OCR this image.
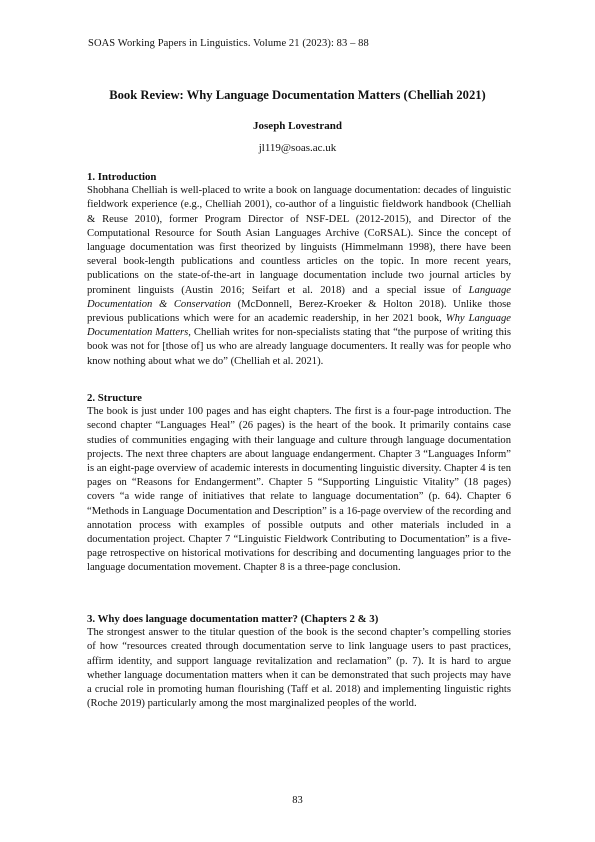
SOAS Working Papers in Linguistics. Volume 21 (2023): 83 – 88
Book Review: Why Language Documentation Matters (Chelliah 2021)
Joseph Lovestrand
jl119@soas.ac.uk
1. Introduction

Shobhana Chelliah is well-placed to write a book on language documentation: decades of linguistic fieldwork experience (e.g., Chelliah 2001), co-author of a linguistic fieldwork handbook (Chelliah & Reuse 2010), former Program Director of NSF-DEL (2012-2015), and Director of the Computational Resource for South Asian Languages Archive (CoRSAL). Since the concept of language documentation was first theorized by linguists (Himmelmann 1998), there have been several book-length publications and countless articles on the topic. In more recent years, publications on the state-of-the-art in language documentation include two journal articles by prominent linguists (Austin 2016; Seifart et al. 2018) and a special issue of Language Documentation & Conservation (McDonnell, Berez-Kroeker & Holton 2018). Unlike those previous publications which were for an academic readership, in her 2021 book, Why Language Documentation Matters, Chelliah writes for non-specialists stating that “the purpose of writing this book was not for [those of] us who are already language documenters. It really was for people who know nothing about what we do” (Chelliah et al. 2021).

2. Structure

The book is just under 100 pages and has eight chapters. The first is a four-page introduction. The second chapter “Languages Heal” (26 pages) is the heart of the book. It primarily contains case studies of communities engaging with their language and culture through language documentation projects. The next three chapters are about language endangerment. Chapter 3 “Languages Inform” is an eight-page overview of academic interests in documenting linguistic diversity. Chapter 4 is ten pages on “Reasons for Endangerment”. Chapter 5 “Supporting Linguistic Vitality” (18 pages) covers “a wide range of initiatives that relate to language documentation” (p. 64). Chapter 6 “Methods in Language Documentation and Description” is a 16-page overview of the recording and annotation process with examples of possible outputs and other materials included in a documentation project. Chapter 7 “Linguistic Fieldwork Contributing to Documentation” is a five-page retrospective on historical motivations for describing and documenting languages prior to the language documentation movement. Chapter 8 is a three-page conclusion.

3. Why does language documentation matter? (Chapters 2 & 3)

The strongest answer to the titular question of the book is the second chapter’s compelling stories of how “resources created through documentation serve to link language users to past practices, affirm identity, and support language revitalization and reclamation” (p. 7). It is hard to argue whether language documentation matters when it can be demonstrated that such projects may have a crucial role in promoting human flourishing (Taff et al. 2018) and implementing linguistic rights (Roche 2019) particularly among the most marginalized peoples of the world.

83
